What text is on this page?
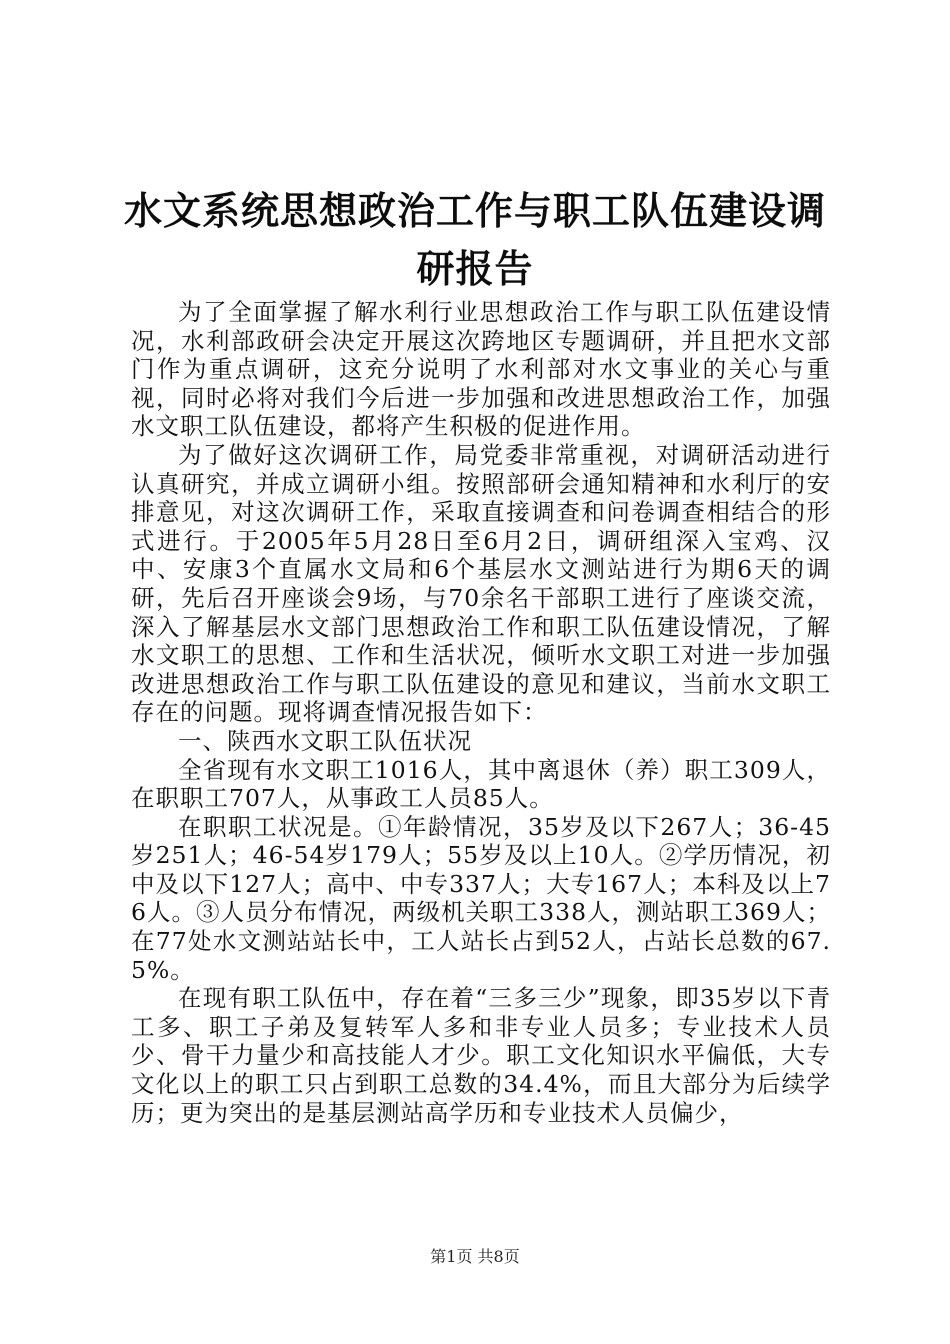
水文系统思想政治工作与职工队伍建设调研报告

为了全面掌握了解水利行业思想政治工作与职工队伍建设情况，水利部政研会决定开展这次跨地区专题调研，并且把水文部门作为重点调研，这充分说明了水利部对水文事业的关心与重视，同时必将对我们今后进一步加强和改进思想政治工作，加强水文职工队伍建设，都将产生积极的促进作用。

为了做好这次调研工作，局党委非常重视，对调研活动进行认真研究，并成立调研小组。按照部研会通知精神和水利厅的安排意见，对这次调研工作，采取直接调查和问卷调查相结合的形式进行。于2005年5月28日至6月2日，调研组深入宝鸡、汉中、安康3个直属水文局和6个基层水文测站进行为期6天的调研，先后召开座谈会9场，与70余名干部职工进行了座谈交流，深入了解基层水文部门思想政治工作和职工队伍建设情况，了解水文职工的思想、工作和生活状况，倾听水文职工对进一步加强改进思想政治工作与职工队伍建设的意见和建议，当前水文职工存在的问题。现将调查情况报告如下：

一、陕西水文职工队伍状况

全省现有水文职工1016人，其中离退休（养）职工309人，在职职工707人，从事政工人员85人。

在职职工状况是。①年龄情况，35岁及以下267人；36-45岁251人；46-54岁179人；55岁及以上10人。②学历情况，初中及以下127人；高中、中专337人；大专167人；本科及以上76人。③人员分布情况，两级机关职工338人，测站职工369人；在77处水文测站站长中，工人站长占到52人，占站长总数的67.5%。

在现有职工队伍中，存在着“三多三少”现象，即35岁以下青工多、职工子弟及复转军人多和非专业人员多；专业技术人员少、骨干力量少和高技能人才少。职工文化知识水平偏低，大专文化以上的职工只占到职工总数的34.4%，而且大部分为后续学历；更为突出的是基层测站高学历和专业技术人员偏少，

第1页 共8页
